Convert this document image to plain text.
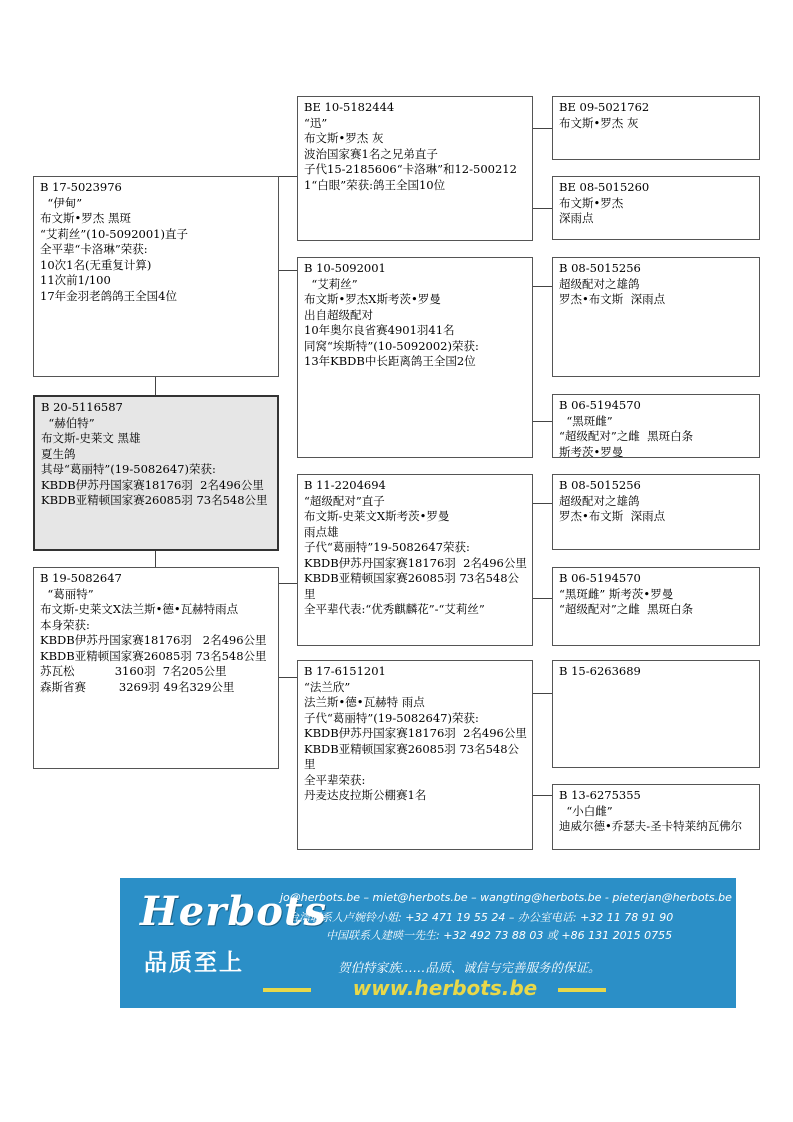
B 17-5023976
“伊甸”
布文斯•罗杰 黑斑
“艾莉丝”(10-5092001)直子
全平辈“卡洛琳”荣获:
10次1名(无重复计算)
11次前1/100
17年金羽老鸽鸽王全国4位
B 20-5116587
“赫伯特”
布文斯-史莱文 黑雄
夏生鸽
其母“葛丽特”(19-5082647)荣获:
KBDB伊苏丹国家赛18176羽  2名496公里
KBDB亚精顿国家赛26085羽 73名548公里
B 19-5082647
“葛丽特”
布文斯-史莱文X法兰斯•德•瓦赫特雨点
本身荣获:
KBDB伊苏丹国家赛18176羽   2名496公里
KBDB亚精顿国家赛26085羽 73名548公里
苏瓦松           3160羽  7名205公里
森斯省赛         3269羽 49名329公里
BE 10-5182444
“迅”
布文斯•罗杰 灰
波治国家赛1名之兄弟直子
子代15-2185606“卡洛琳”和12-5002121“白眼”荣获:鸽王全国10位
B 10-5092001
“艾莉丝”
布文斯•罗杰X斯考茨•罗曼
出自超级配对
10年奥尔良省赛4901羽41名
同窝“埃斯特”(10-5092002)荣获:
13年KBDB中长距离鸽王全国2位
B 11-2204694
“超级配对”直子
布文斯-史莱文X斯考茨•罗曼
雨点雄
子代“葛丽特”19-5082647荣获:
KBDB伊苏丹国家赛18176羽  2名496公里
KBDB亚精顿国家赛26085羽 73名548公里
全平辈代表:“优秀麒麟花”-“艾莉丝”
B 17-6151201
“法兰欣”
法兰斯•德•瓦赫特 雨点
子代“葛丽特”(19-5082647)荣获:
KBDB伊苏丹国家赛18176羽  2名496公里
KBDB亚精顿国家赛26085羽 73名548公里
全平辈荣获:
丹麦达皮拉斯公棚赛1名
BE 09-5021762
布文斯•罗杰 灰
BE 08-5015260
布文斯•罗杰
深雨点
B 08-5015256
超级配对之雄鸽
罗杰•布文斯  深雨点
B 06-5194570
“黑斑雌”
“超级配对”之雌  黑斑白条
斯考茨•罗曼
B 08-5015256
超级配对之雄鸽
罗杰•布文斯  深雨点
B 06-5194570
“黑斑雌” 斯考茨•罗曼
“超级配对”之雌  黑斑白条
B 15-6263689
B 13-6275355
“小白雌”
迪威尔德•乔瑟夫-圣卡特莱纳瓦佛尔
Herbots
品质至上
jo@herbots.be – miet@herbots.be – wangting@herbots.be - pieterjan@herbots.be
台湾联系人卢婉铃小姐: +32 471 19 55 24 – 办公室电话: +32 11 78 91 90
中国联系人建暎一先生: +32 492 73 88 03 或 +86 131 2015 0755
贺伯特家族……品质、诚信与完善服务的保证。
www.herbots.be
